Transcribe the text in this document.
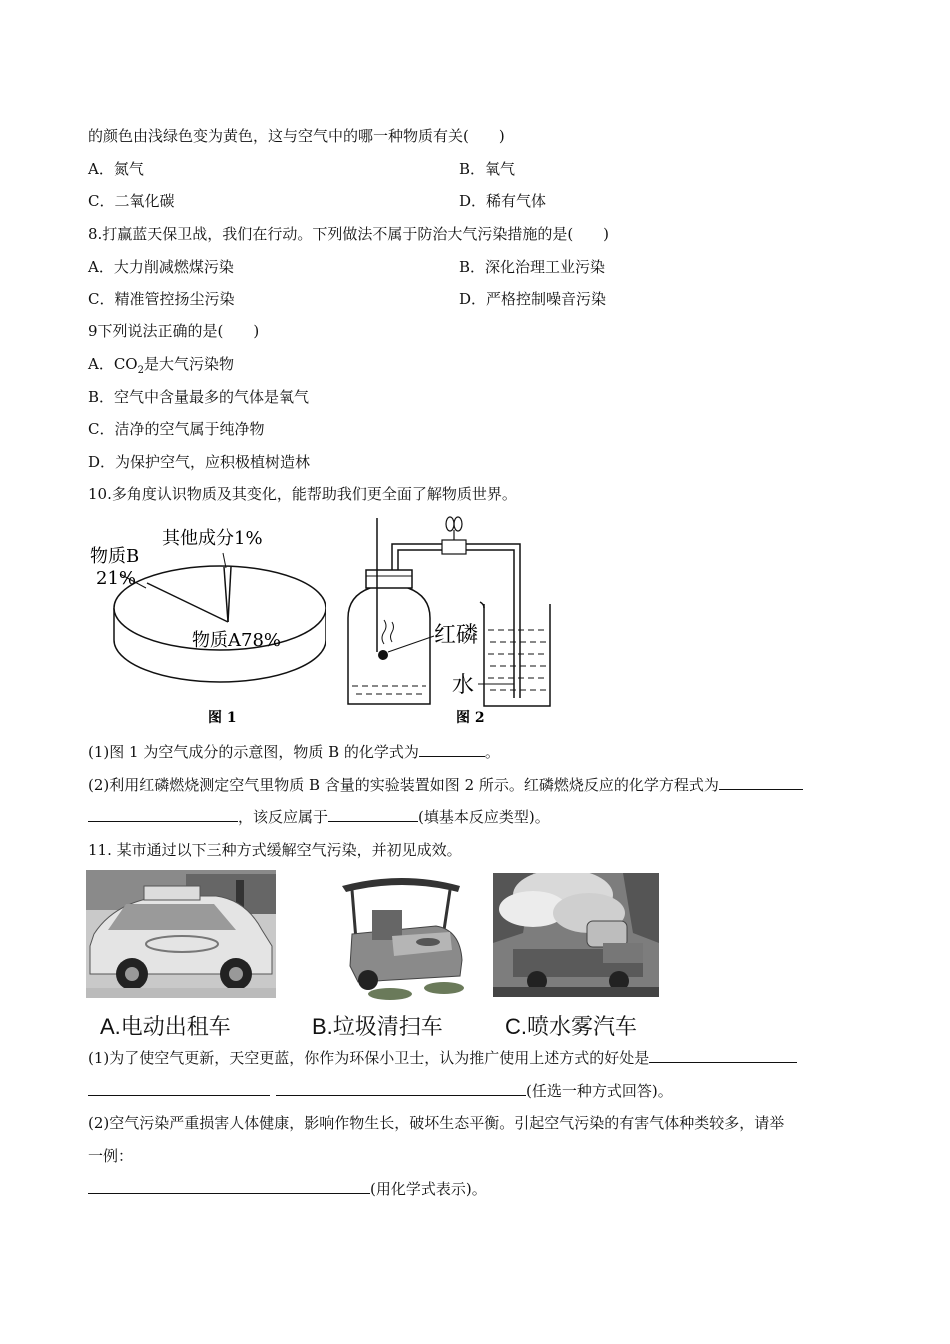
的颜色由浅绿色变为黄色，这与空气中的哪一种物质有关(　　)
A．氮气	B．氧气
C．二氧化碳	D．稀有气体
8.打赢蓝天保卫战，我们在行动。下列做法不属于防治大气污染措施的是(　　)
A．大力削减燃煤污染	B．深化治理工业污染
C．精准管控扬尘污染	D．严格控制噪音污染
9下列说法正确的是(　　)
A．$CO_2$是大气污染物
B．空气中含量最多的气体是氧气
C．洁净的空气属于纯净物
D．为保护空气，应积极植树造林
10.多角度认识物质及其变化，能帮助我们更全面了解物质世界。
其他成分1%
物质B
21%
物质A78%
图 1
红磷
水
图 2
(1)图 1 为空气成分的示意图，物质 B 的化学式为	。
(2)利用红磷燃烧测定空气里物质 B 含量的实验装置如图 2 所示。红磷燃烧反应的化学方程式为
，该反应属于	(填基本反应类型)。
11. 某市通过以下三种方式缓解空气污染，并初见成效。
A.电动出租车	B.垃圾清扫车	C.喷水雾汽车
(1)为了使空气更新，天空更蓝，你作为环保小卫士，认为推广使用上述方式的好处是
(任选一种方式回答)。
(2)空气污染严重损害人体健康，影响作物生长，破坏生态平衡。引起空气污染的有害气体种类较多，请举
一例：
(用化学式表示)。
